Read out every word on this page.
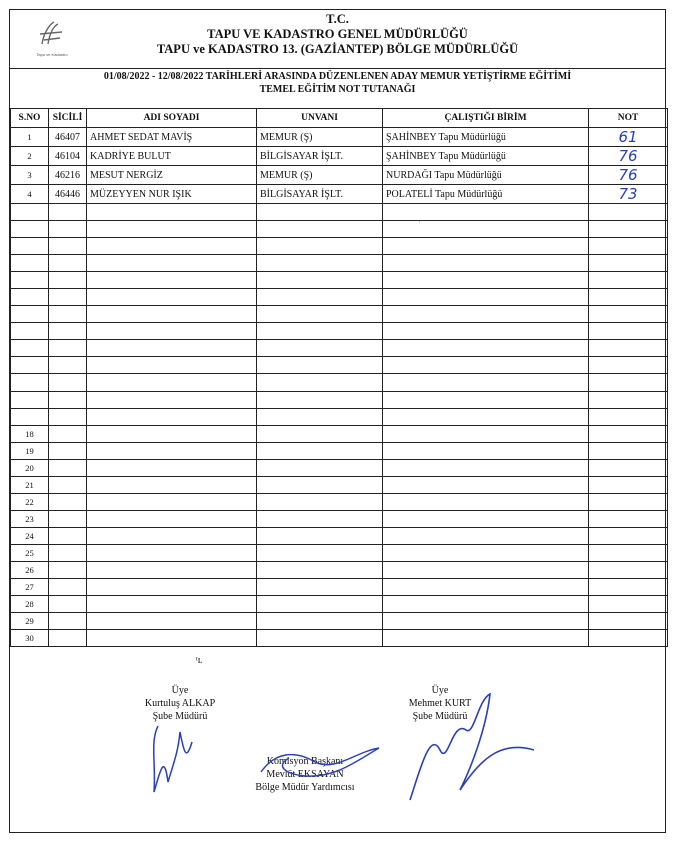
Tapu ve Kadastro
T.C.
TAPU VE KADASTRO GENEL MÜDÜRLÜĞÜ
TAPU ve KADASTRO 13. (GAZİANTEP) BÖLGE MÜDÜRLÜĞÜ
01/08/2022 - 12/08/2022 TARİHLERİ ARASINDA DÜZENLENEN ADAY MEMUR YETİŞTİRME EĞİTİMİ
TEMEL EĞİTİM NOT TUTANAĞI
S.NO	SİCİLİ	ADI SOYADI	UNVANI	ÇALIŞTIĞI BİRİM	NOT
1	46407	AHMET SEDAT MAVİŞ	MEMUR (Ş)	ŞAHİNBEY Tapu Müdürlüğü	61
2	46104	KADRİYE BULUT	BİLGİSAYAR İŞLT.	ŞAHİNBEY Tapu Müdürlüğü	76
3	46216	MESUT NERGİZ	MEMUR (Ş)	NURDAĞI Tapu Müdürlüğü	76
4	46446	MÜZEYYEN NUR IŞIK	BİLGİSAYAR İŞLT.	POLATELİ Tapu Müdürlüğü	73

18					
19					
20					
21					
22					
23					
24					
25					
26					
27					
28					
29					
30					
˙
ᵗʟ
Üye
Kurtuluş ALKAP
Şube Müdürü
Komisyon Başkanı
Mevlüt EKSAYAN
Bölge Müdür Yardımcısı
Üye
Mehmet KURT
Şube Müdürü
